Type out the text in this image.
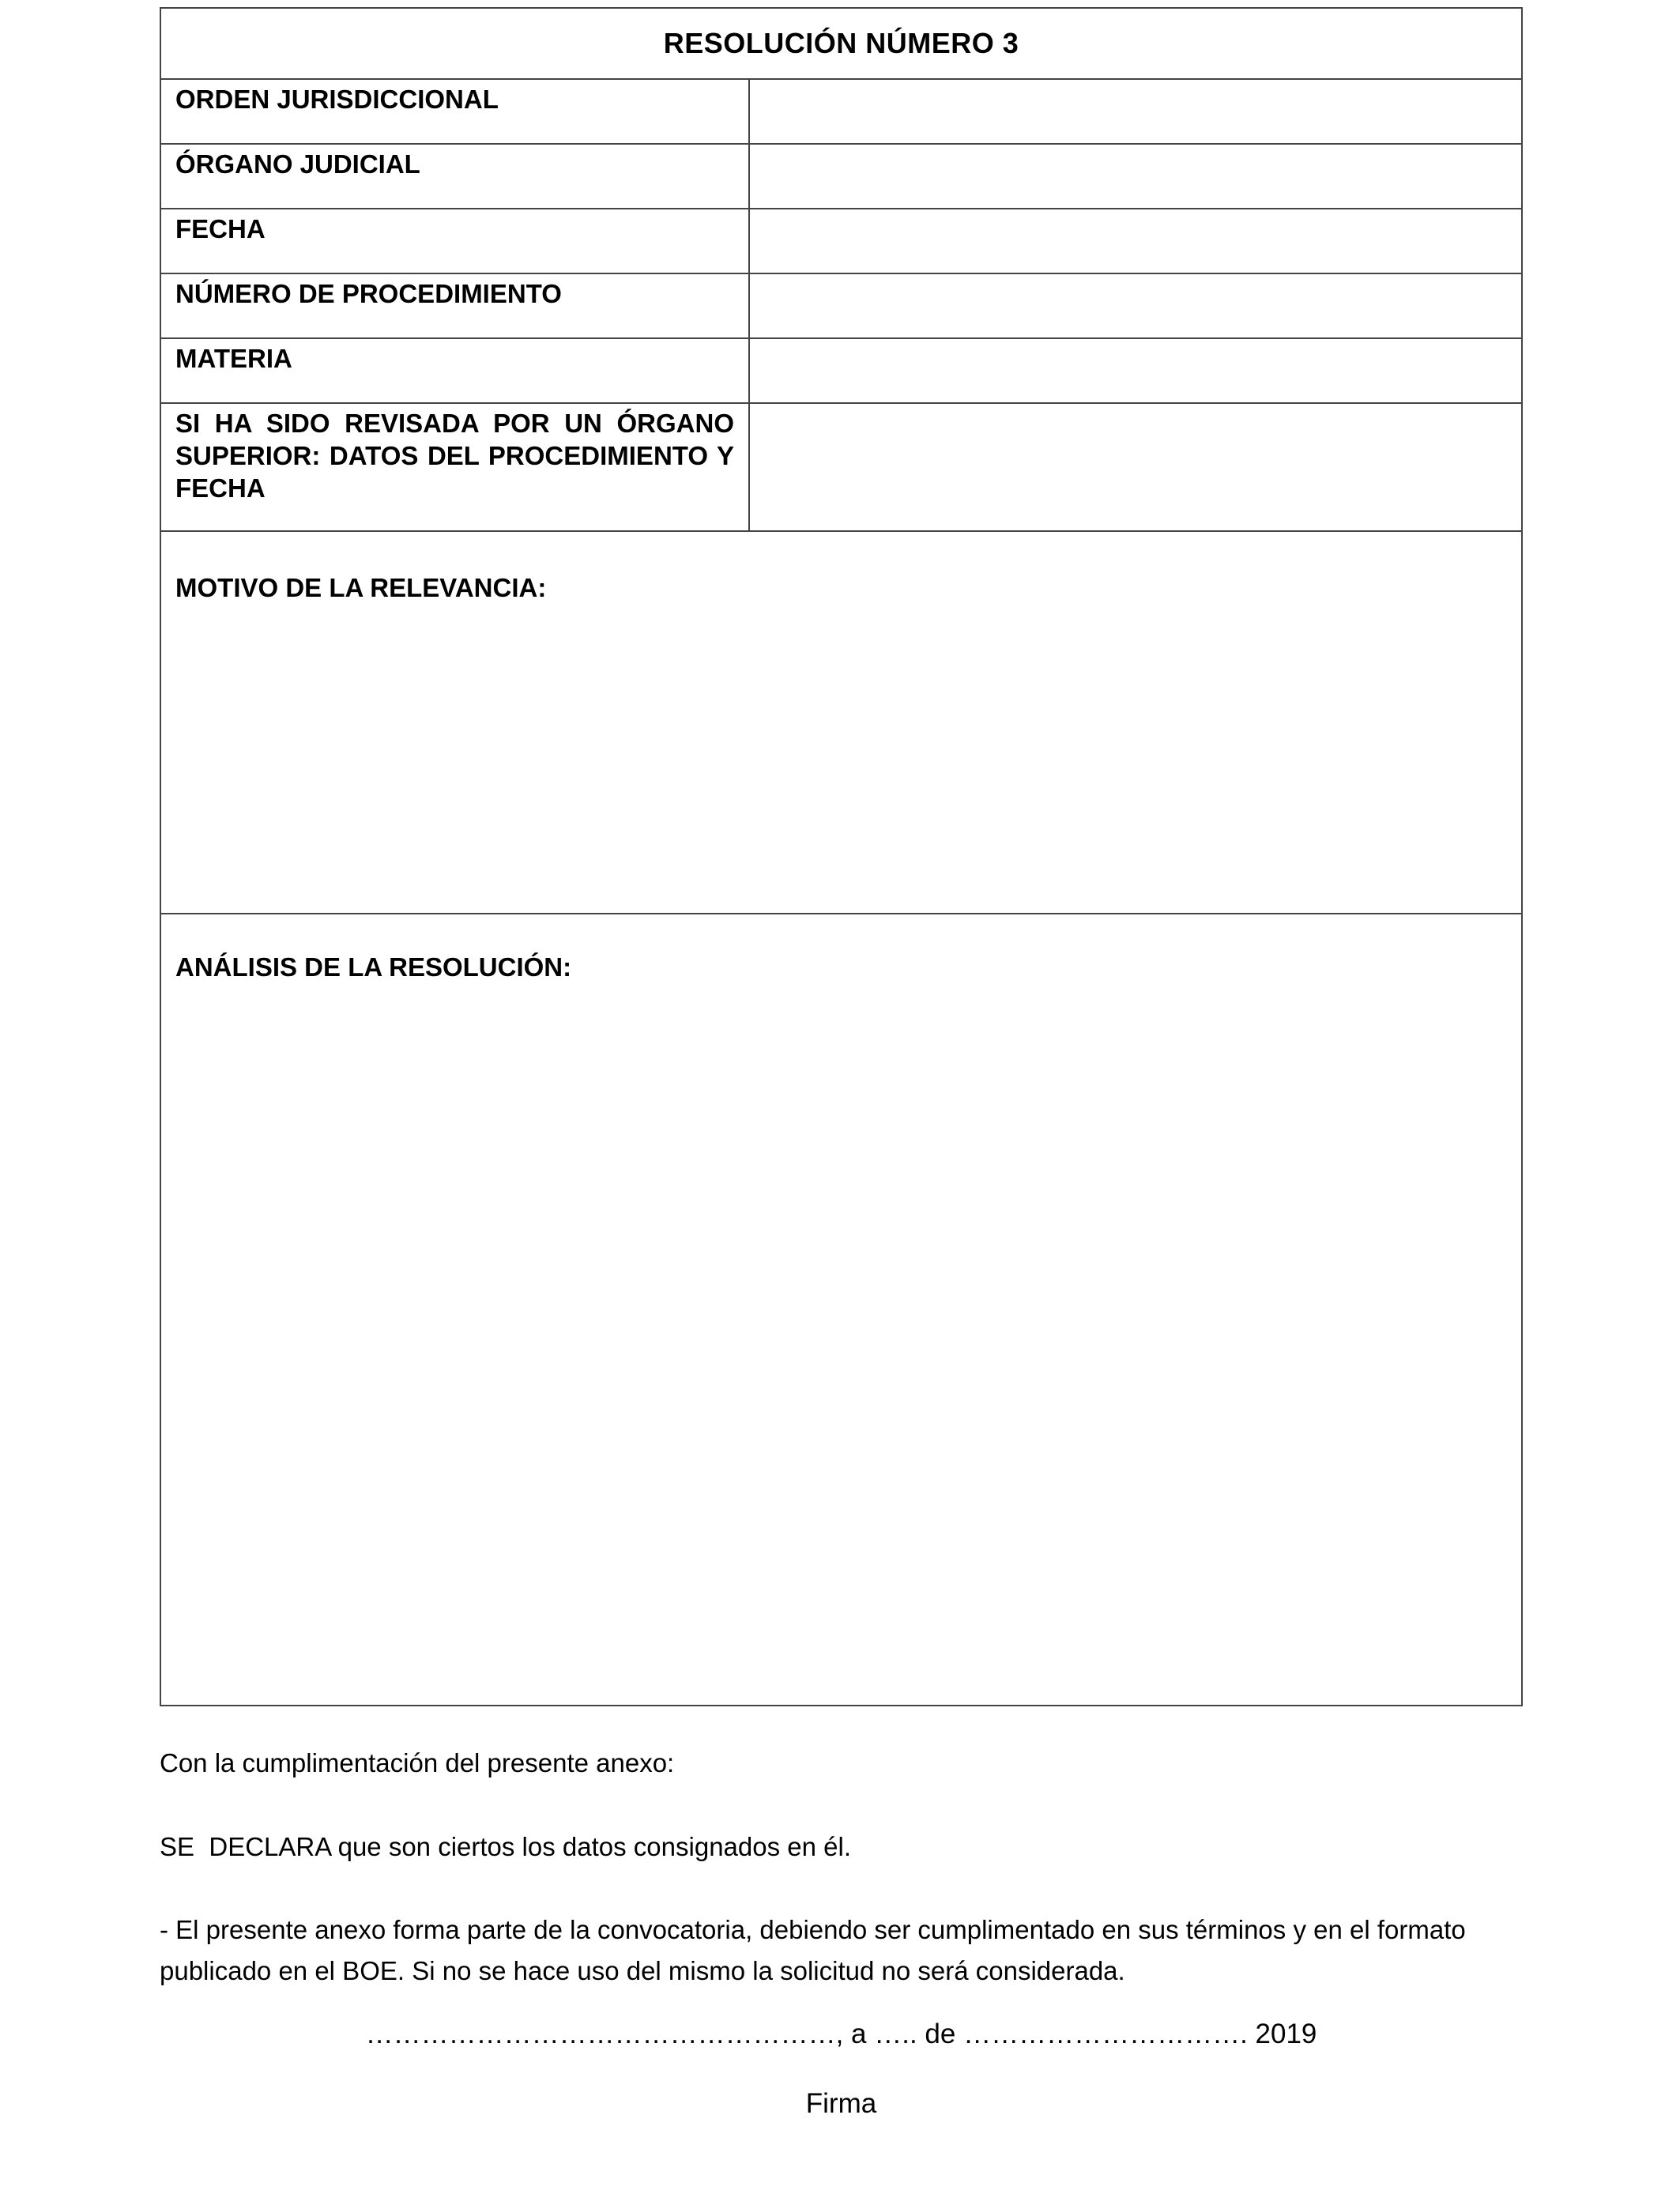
RESOLUCIÓN NÚMERO 3
ORDEN JURISDICCIONAL
ÓRGANO JUDICIAL
FECHA
NÚMERO DE PROCEDIMIENTO
MATERIA
SI HA SIDO REVISADA POR UN ÓRGANO SUPERIOR: DATOS DEL PROCEDIMIENTO Y FECHA
MOTIVO DE LA RELEVANCIA:
ANÁLISIS DE LA RESOLUCIÓN:
Con la cumplimentación del presente anexo:
SE  DECLARA que son ciertos los datos consignados en él.
- El presente anexo forma parte de la convocatoria, debiendo ser cumplimentado en sus términos y en el formato publicado en el BOE. Si no se hace uso del mismo la solicitud no será considerada.
……………………………………………, a ….. de …………………………. 2019
Firma
